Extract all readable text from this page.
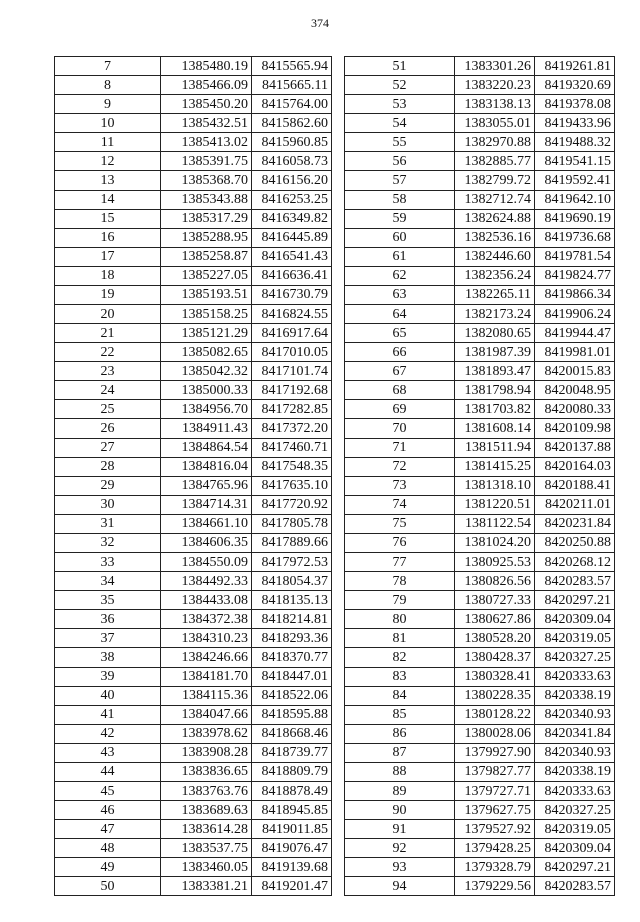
374
7	1385480.19	8415565.94
8	1385466.09	8415665.11
9	1385450.20	8415764.00
10	1385432.51	8415862.60
11	1385413.02	8415960.85
12	1385391.75	8416058.73
13	1385368.70	8416156.20
14	1385343.88	8416253.25
15	1385317.29	8416349.82
16	1385288.95	8416445.89
17	1385258.87	8416541.43
18	1385227.05	8416636.41
19	1385193.51	8416730.79
20	1385158.25	8416824.55
21	1385121.29	8416917.64
22	1385082.65	8417010.05
23	1385042.32	8417101.74
24	1385000.33	8417192.68
25	1384956.70	8417282.85
26	1384911.43	8417372.20
27	1384864.54	8417460.71
28	1384816.04	8417548.35
29	1384765.96	8417635.10
30	1384714.31	8417720.92
31	1384661.10	8417805.78
32	1384606.35	8417889.66
33	1384550.09	8417972.53
34	1384492.33	8418054.37
35	1384433.08	8418135.13
36	1384372.38	8418214.81
37	1384310.23	8418293.36
38	1384246.66	8418370.77
39	1384181.70	8418447.01
40	1384115.36	8418522.06
41	1384047.66	8418595.88
42	1383978.62	8418668.46
43	1383908.28	8418739.77
44	1383836.65	8418809.79
45	1383763.76	8418878.49
46	1383689.63	8418945.85
47	1383614.28	8419011.85
48	1383537.75	8419076.47
49	1383460.05	8419139.68
50	1383381.21	8419201.47
51	1383301.26	8419261.81
52	1383220.23	8419320.69
53	1383138.13	8419378.08
54	1383055.01	8419433.96
55	1382970.88	8419488.32
56	1382885.77	8419541.15
57	1382799.72	8419592.41
58	1382712.74	8419642.10
59	1382624.88	8419690.19
60	1382536.16	8419736.68
61	1382446.60	8419781.54
62	1382356.24	8419824.77
63	1382265.11	8419866.34
64	1382173.24	8419906.24
65	1382080.65	8419944.47
66	1381987.39	8419981.01
67	1381893.47	8420015.83
68	1381798.94	8420048.95
69	1381703.82	8420080.33
70	1381608.14	8420109.98
71	1381511.94	8420137.88
72	1381415.25	8420164.03
73	1381318.10	8420188.41
74	1381220.51	8420211.01
75	1381122.54	8420231.84
76	1381024.20	8420250.88
77	1380925.53	8420268.12
78	1380826.56	8420283.57
79	1380727.33	8420297.21
80	1380627.86	8420309.04
81	1380528.20	8420319.05
82	1380428.37	8420327.25
83	1380328.41	8420333.63
84	1380228.35	8420338.19
85	1380128.22	8420340.93
86	1380028.06	8420341.84
87	1379927.90	8420340.93
88	1379827.77	8420338.19
89	1379727.71	8420333.63
90	1379627.75	8420327.25
91	1379527.92	8420319.05
92	1379428.25	8420309.04
93	1379328.79	8420297.21
94	1379229.56	8420283.57
